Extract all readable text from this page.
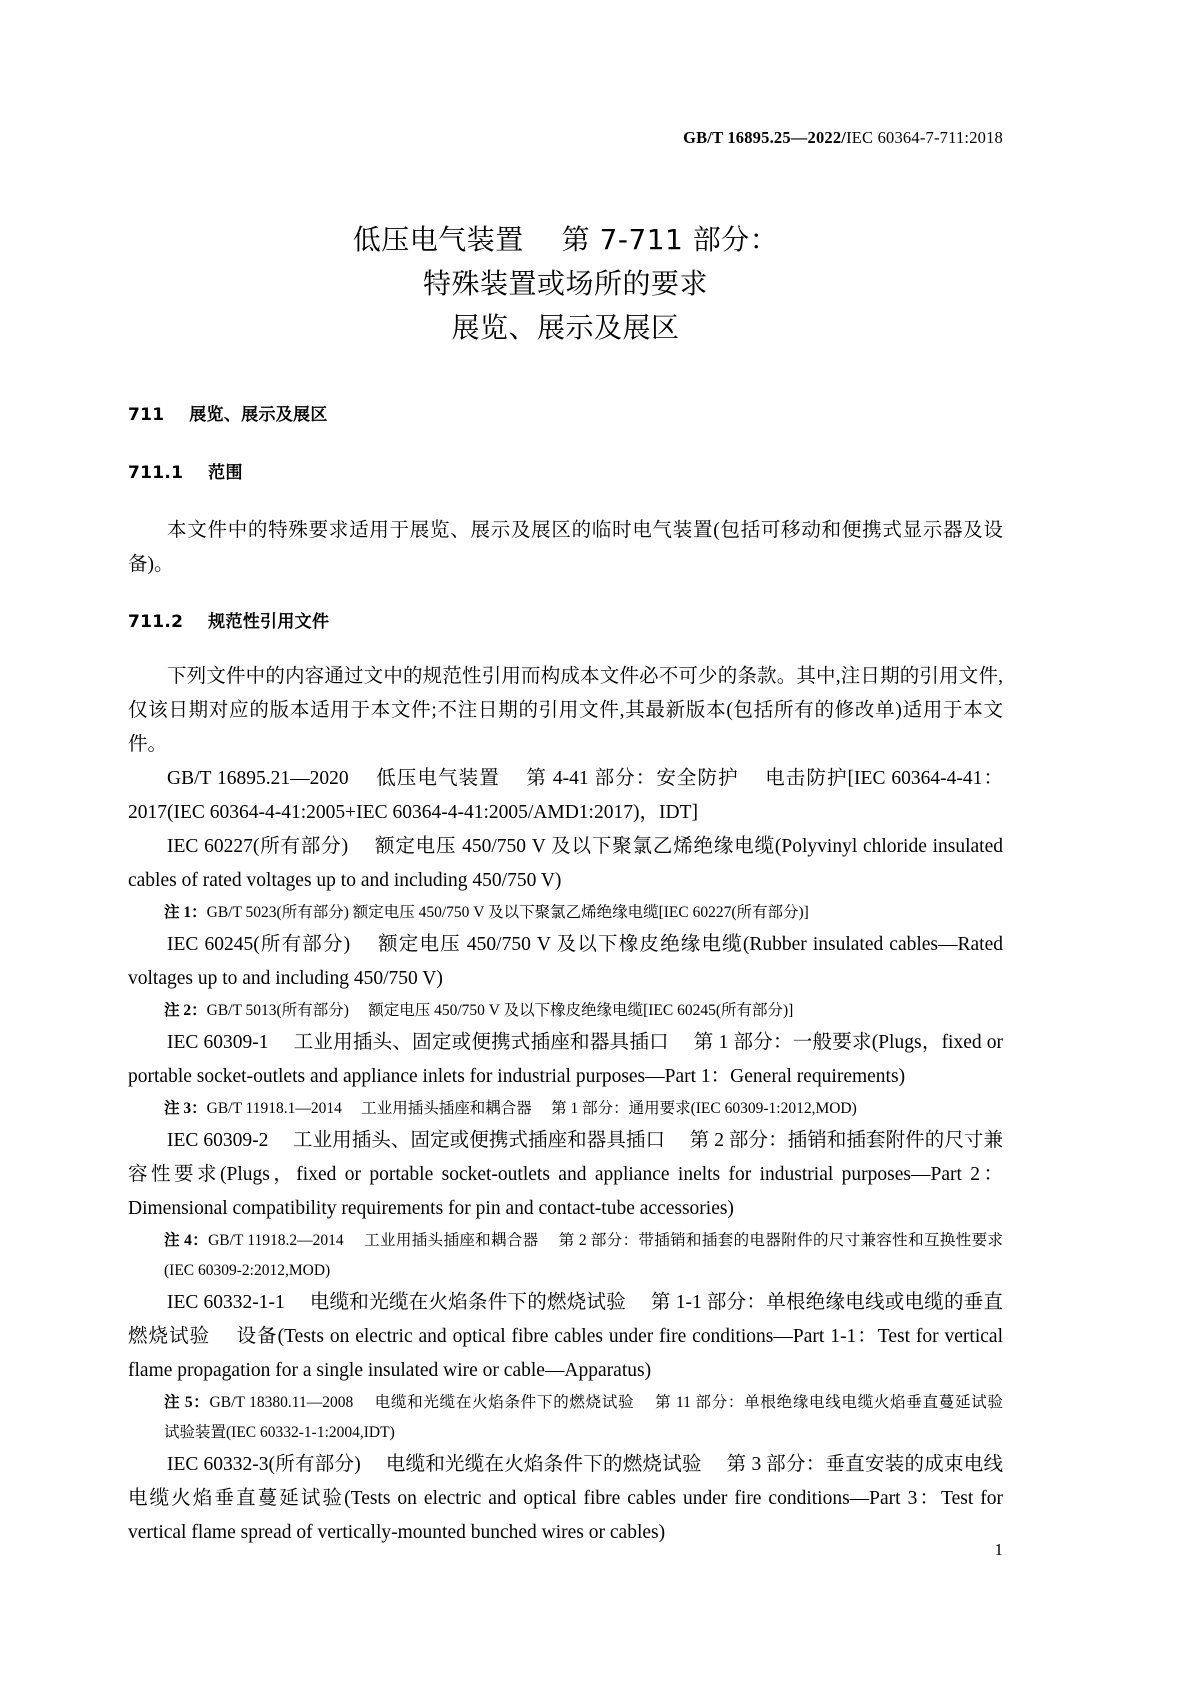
GB/T 16895.25—2022/IEC 60364-7-711:2018
低压电气装置　 第 7-711 部分：
特殊装置或场所的要求
展览、展示及展区
711    展览、展示及展区
711.1    范围
本文件中的特殊要求适用于展览、展示及展区的临时电气装置(包括可移动和便携式显示器及设备)。
711.2    规范性引用文件
下列文件中的内容通过文中的规范性引用而构成本文件必不可少的条款。其中,注日期的引用文件,仅该日期对应的版本适用于本文件;不注日期的引用文件,其最新版本(包括所有的修改单)适用于本文件。
GB/T 16895.21—2020　 低压电气装置　 第 4-41 部分：安全防护　 电击防护[IEC 60364-4-41：2017(IEC 60364-4-41:2005+IEC 60364-4-41:2005/AMD1:2017)，IDT]
IEC 60227(所有部分)　 额定电压 450/750 V 及以下聚氯乙烯绝缘电缆(Polyvinyl chloride insulated cables of rated voltages up to and including 450/750 V)
注 1：GB/T 5023(所有部分) 额定电压 450/750 V 及以下聚氯乙烯绝缘电缆[IEC 60227(所有部分)]
IEC 60245(所有部分)　 额定电压 450/750 V 及以下橡皮绝缘电缆(Rubber insulated cables—Rated voltages up to and including 450/750 V)
注 2：GB/T 5013(所有部分)　 额定电压 450/750 V 及以下橡皮绝缘电缆[IEC 60245(所有部分)]
IEC 60309-1　 工业用插头、固定或便携式插座和器具插口　 第 1 部分：一般要求(Plugs，fixed or portable socket-outlets and appliance inlets for industrial purposes—Part 1：General requirements)
注 3：GB/T 11918.1—2014　 工业用插头插座和耦合器　 第 1 部分：通用要求(IEC 60309-1:2012,MOD)
IEC 60309-2　 工业用插头、固定或便携式插座和器具插口　 第 2 部分：插销和插套附件的尺寸兼容性要求(Plugs，fixed or portable socket-outlets and appliance inelts for industrial purposes—Part 2：Dimensional compatibility requirements for pin and contact-tube accessories)
注 4：GB/T 11918.2—2014　 工业用插头插座和耦合器　 第 2 部分：带插销和插套的电器附件的尺寸兼容性和互换性要求(IEC 60309-2:2012,MOD)
IEC 60332-1-1　 电缆和光缆在火焰条件下的燃烧试验　 第 1-1 部分：单根绝缘电线或电缆的垂直燃烧试验　 设备(Tests on electric and optical fibre cables under fire conditions—Part 1-1：Test for vertical flame propagation for a single insulated wire or cable—Apparatus)
注 5：GB/T 18380.11—2008　 电缆和光缆在火焰条件下的燃烧试验　 第 11 部分：单根绝缘电线电缆火焰垂直蔓延试验　 试验装置(IEC 60332-1-1:2004,IDT)
IEC 60332-3(所有部分)　 电缆和光缆在火焰条件下的燃烧试验　 第 3 部分：垂直安装的成束电线电缆火焰垂直蔓延试验(Tests on electric and optical fibre cables under fire conditions—Part 3：Test for vertical flame spread of vertically-mounted bunched wires or cables)
1
